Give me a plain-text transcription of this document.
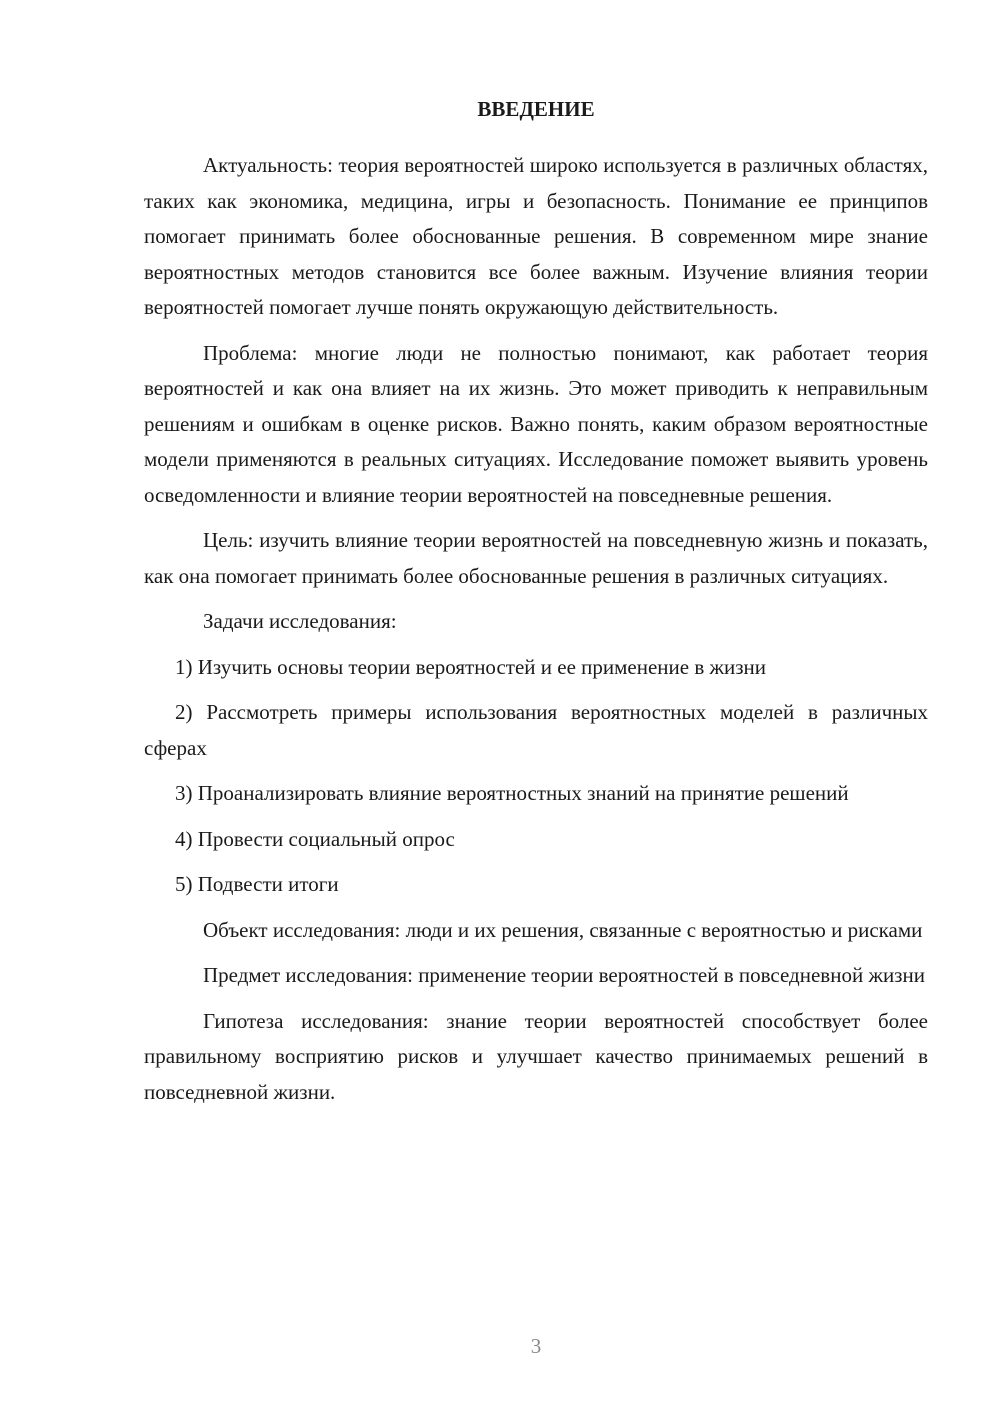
ВВЕДЕНИЕ

Актуальность: теория вероятностей широко используется в различных областях, таких как экономика, медицина, игры и безопасность. Понимание ее принципов помогает принимать более обоснованные решения. В современном мире знание вероятностных методов становится все более важным. Изучение влияния теории вероятностей помогает лучше понять окружающую действительность.

Проблема: многие люди не полностью понимают, как работает теория вероятностей и как она влияет на их жизнь. Это может приводить к неправильным решениям и ошибкам в оценке рисков. Важно понять, каким образом вероятностные модели применяются в реальных ситуациях. Исследование поможет выявить уровень осведомленности и влияние теории вероятностей на повседневные решения.

Цель: изучить влияние теории вероятностей на повседневную жизнь и показать, как она помогает принимать более обоснованные решения в различных ситуациях.

Задачи исследования:

1) Изучить основы теории вероятностей и ее применение в жизни

2) Рассмотреть примеры использования вероятностных моделей в различных сферах

3) Проанализировать влияние вероятностных знаний на принятие решений

4) Провести социальный опрос

5) Подвести итоги

Объект исследования: люди и их решения, связанные с вероятностью и рисками

Предмет исследования: применение теории вероятностей в повседневной жизни

Гипотеза исследования: знание теории вероятностей способствует более правильному восприятию рисков и улучшает качество принимаемых решений в повседневной жизни.

3
